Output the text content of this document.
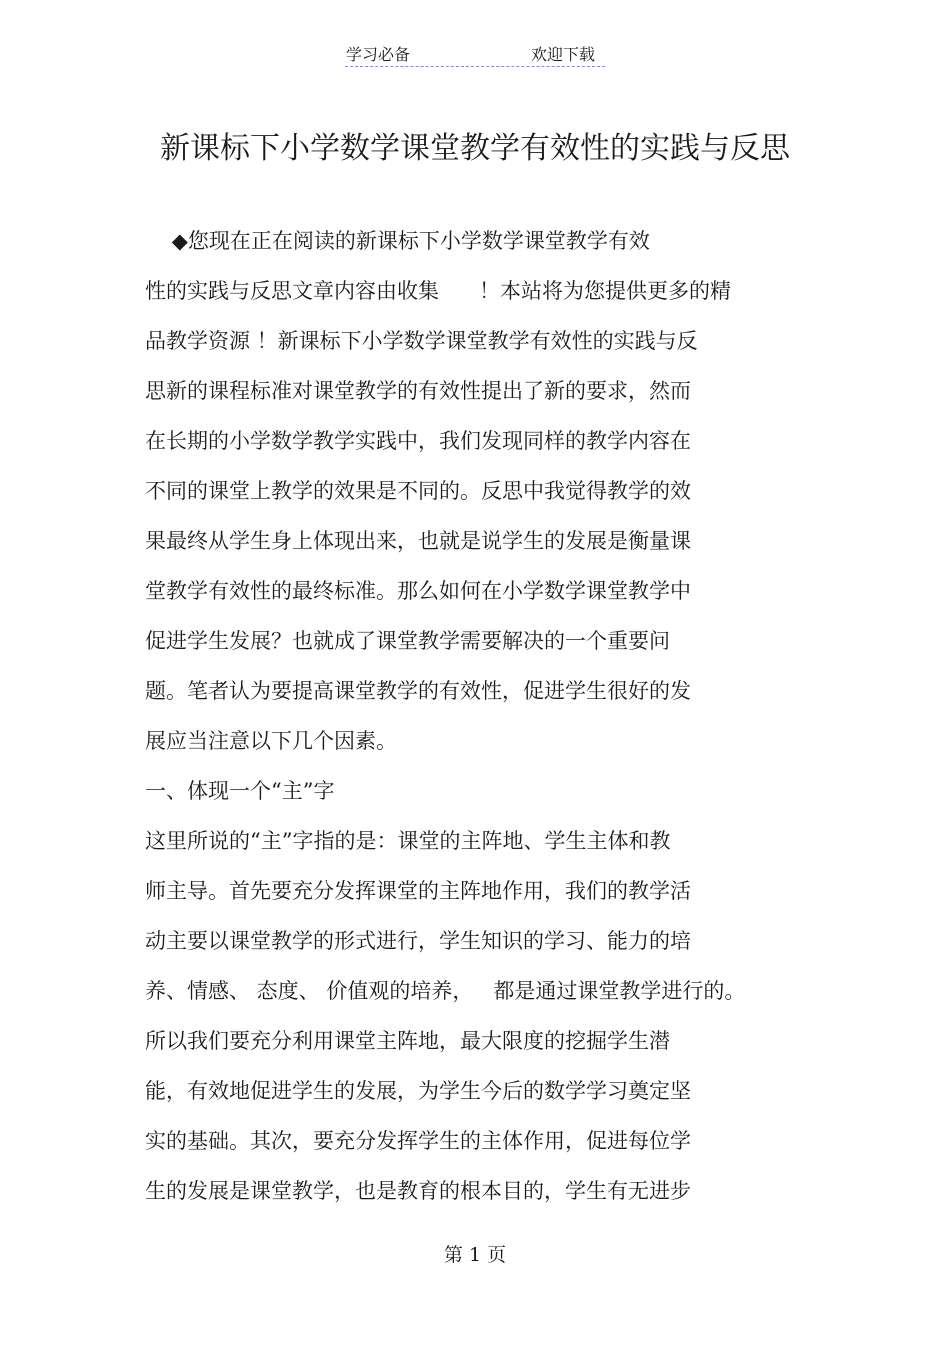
学习必备	欢迎下载
新课标下小学数学课堂教学有效性的实践与反思
◆您现在正在阅读的新课标下小学数学课堂教学有效
性的实践与反思文章内容由收集      ！本站将为您提供更多的精
品教学资源 ！新课标下小学数学课堂教学有效性的实践与反
思新的课程标准对课堂教学的有效性提出了新的要求，然而
在长期的小学数学教学实践中，我们发现同样的教学内容在
不同的课堂上教学的效果是不同的。反思中我觉得教学的效
果最终从学生身上体现出来，也就是说学生的发展是衡量课
堂教学有效性的最终标准。那么如何在小学数学课堂教学中
促进学生发展？也就成了课堂教学需要解决的一个重要问
题。笔者认为要提高课堂教学的有效性，促进学生很好的发
展应当注意以下几个因素。
一、体现一个“主”字
这里所说的“主”字指的是：课堂的主阵地、学生主体和教
师主导。首先要充分发挥课堂的主阵地作用，我们的教学活
动主要以课堂教学的形式进行，学生知识的学习、能力的培
养、情感、 态度、 价值观的培养，   都是通过课堂教学进行的。
所以我们要充分利用课堂主阵地，最大限度的挖掘学生潜
能，有效地促进学生的发展，为学生今后的数学学习奠定坚
实的基础。其次，要充分发挥学生的主体作用，促进每位学
生的发展是课堂教学，也是教育的根本目的，学生有无进步
第 1 页
